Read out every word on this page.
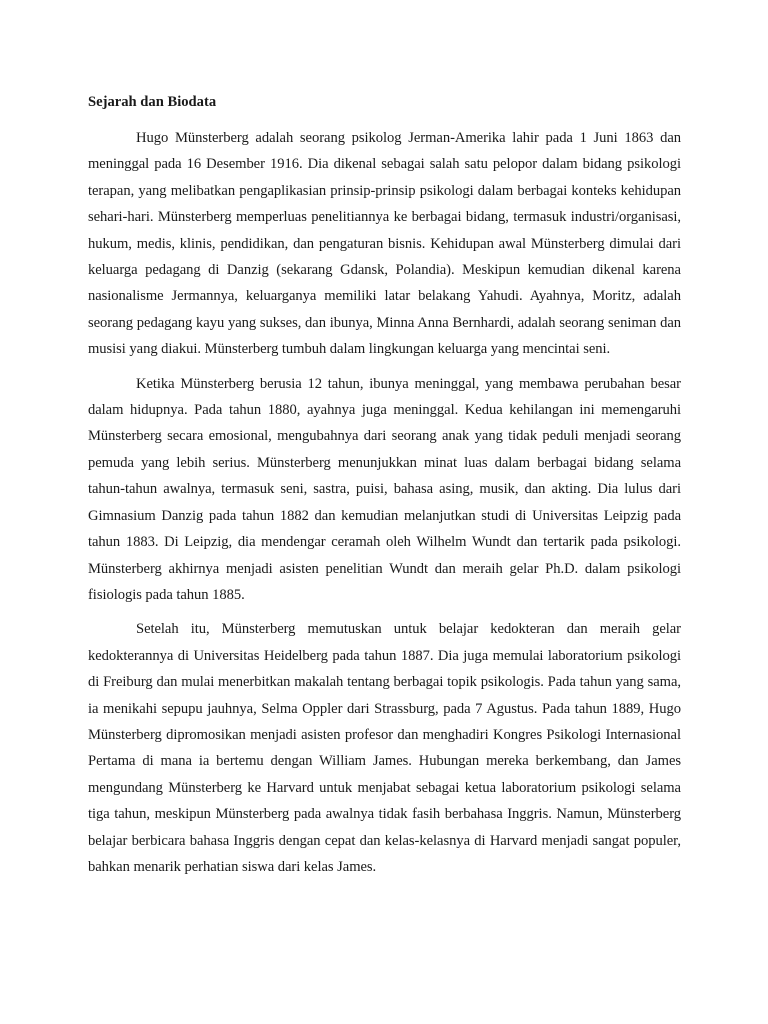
Sejarah dan Biodata

Hugo Münsterberg adalah seorang psikolog Jerman-Amerika lahir pada 1 Juni 1863 dan meninggal pada 16 Desember 1916. Dia dikenal sebagai salah satu pelopor dalam bidang psikologi terapan, yang melibatkan pengaplikasian prinsip-prinsip psikologi dalam berbagai konteks kehidupan sehari-hari. Münsterberg memperluas penelitiannya ke berbagai bidang, termasuk industri/organisasi, hukum, medis, klinis, pendidikan, dan pengaturan bisnis. Kehidupan awal Münsterberg dimulai dari keluarga pedagang di Danzig (sekarang Gdansk, Polandia). Meskipun kemudian dikenal karena nasionalisme Jermannya, keluarganya memiliki latar belakang Yahudi. Ayahnya, Moritz, adalah seorang pedagang kayu yang sukses, dan ibunya, Minna Anna Bernhardi, adalah seorang seniman dan musisi yang diakui. Münsterberg tumbuh dalam lingkungan keluarga yang mencintai seni.

Ketika Münsterberg berusia 12 tahun, ibunya meninggal, yang membawa perubahan besar dalam hidupnya. Pada tahun 1880, ayahnya juga meninggal. Kedua kehilangan ini memengaruhi Münsterberg secara emosional, mengubahnya dari seorang anak yang tidak peduli menjadi seorang pemuda yang lebih serius. Münsterberg menunjukkan minat luas dalam berbagai bidang selama tahun-tahun awalnya, termasuk seni, sastra, puisi, bahasa asing, musik, dan akting. Dia lulus dari Gimnasium Danzig pada tahun 1882 dan kemudian melanjutkan studi di Universitas Leipzig pada tahun 1883. Di Leipzig, dia mendengar ceramah oleh Wilhelm Wundt dan tertarik pada psikologi. Münsterberg akhirnya menjadi asisten penelitian Wundt dan meraih gelar Ph.D. dalam psikologi fisiologis pada tahun 1885.

Setelah itu, Münsterberg memutuskan untuk belajar kedokteran dan meraih gelar kedokterannya di Universitas Heidelberg pada tahun 1887. Dia juga memulai laboratorium psikologi di Freiburg dan mulai menerbitkan makalah tentang berbagai topik psikologis. Pada tahun yang sama, ia menikahi sepupu jauhnya, Selma Oppler dari Strassburg, pada 7 Agustus. Pada tahun 1889, Hugo Münsterberg dipromosikan menjadi asisten profesor dan menghadiri Kongres Psikologi Internasional Pertama di mana ia bertemu dengan William James. Hubungan mereka berkembang, dan James mengundang Münsterberg ke Harvard untuk menjabat sebagai ketua laboratorium psikologi selama tiga tahun, meskipun Münsterberg pada awalnya tidak fasih berbahasa Inggris. Namun, Münsterberg belajar berbicara bahasa Inggris dengan cepat dan kelas-kelasnya di Harvard menjadi sangat populer, bahkan menarik perhatian siswa dari kelas James.
